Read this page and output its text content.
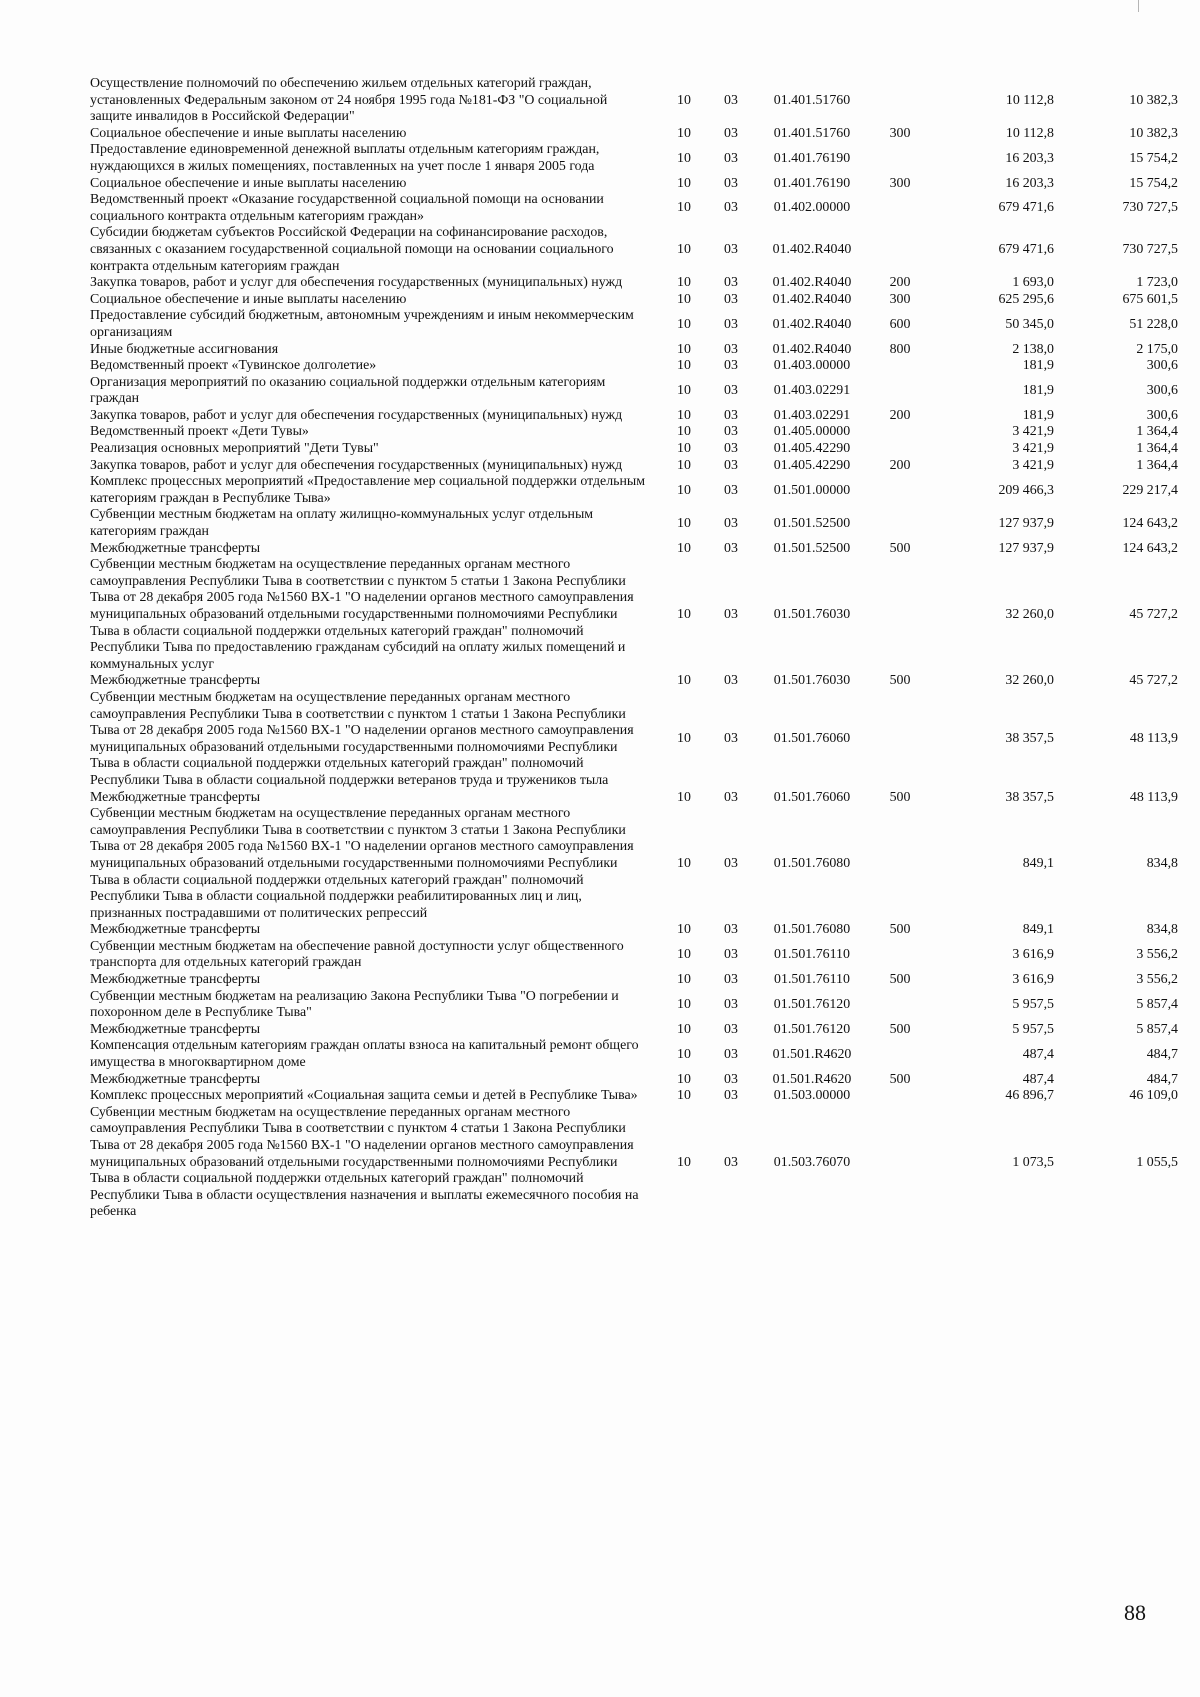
Осуществление полномочий по обеспечению жильем отдельных категорий граждан, установленных Федеральным законом от 24 ноября 1995 года №181-ФЗ "О социальной защите инвалидов в Российской Федерации"	10	03	01.401.51760		10 112,8	10 382,3
Социальное обеспечение и иные выплаты населению	10	03	01.401.51760	300	10 112,8	10 382,3
Предоставление единовременной денежной выплаты отдельным категориям граждан, нуждающихся в жилых помещениях, поставленных на учет после 1 января 2005 года	10	03	01.401.76190		16 203,3	15 754,2
Социальное обеспечение и иные выплаты населению	10	03	01.401.76190	300	16 203,3	15 754,2
Ведомственный проект «Оказание государственной социальной помощи на основании социального контракта отдельным категориям граждан»	10	03	01.402.00000		679 471,6	730 727,5
Субсидии бюджетам субъектов Российской Федерации на софинансирование расходов, связанных с оказанием государственной социальной помощи на основании социального контракта отдельным категориям граждан	10	03	01.402.R4040		679 471,6	730 727,5
Закупка товаров, работ и услуг для обеспечения государственных (муниципальных) нужд	10	03	01.402.R4040	200	1 693,0	1 723,0
Социальное обеспечение и иные выплаты населению	10	03	01.402.R4040	300	625 295,6	675 601,5
Предоставление субсидий бюджетным, автономным учреждениям и иным некоммерческим организациям	10	03	01.402.R4040	600	50 345,0	51 228,0
Иные бюджетные ассигнования	10	03	01.402.R4040	800	2 138,0	2 175,0
Ведомственный проект «Тувинское долголетие»	10	03	01.403.00000		181,9	300,6
Организация мероприятий по оказанию социальной поддержки отдельным категориям граждан	10	03	01.403.02291		181,9	300,6
Закупка товаров, работ и услуг для обеспечения государственных (муниципальных) нужд	10	03	01.403.02291	200	181,9	300,6
Ведомственный проект «Дети Тувы»	10	03	01.405.00000		3 421,9	1 364,4
Реализация основных мероприятий "Дети Тувы"	10	03	01.405.42290		3 421,9	1 364,4
Закупка товаров, работ и услуг для обеспечения государственных (муниципальных) нужд	10	03	01.405.42290	200	3 421,9	1 364,4
Комплекс процессных мероприятий «Предоставление мер социальной поддержки отдельным категориям граждан в Республике Тыва»	10	03	01.501.00000		209 466,3	229 217,4
Субвенции местным бюджетам на оплату жилищно-коммунальных услуг отдельным категориям граждан	10	03	01.501.52500		127 937,9	124 643,2
Межбюджетные трансферты	10	03	01.501.52500	500	127 937,9	124 643,2
Субвенции местным бюджетам на осуществление переданных органам местного самоуправления Республики Тыва в соответствии с пунктом 5 статьи 1 Закона Республики Тыва от 28 декабря 2005 года №1560 ВХ-1 "О наделении органов местного самоуправления муниципальных образований отдельными государственными полномочиями Республики Тыва в области социальной поддержки отдельных категорий граждан" полномочий Республики Тыва по предоставлению гражданам субсидий на оплату жилых помещений и коммунальных услуг	10	03	01.501.76030		32 260,0	45 727,2
Межбюджетные трансферты	10	03	01.501.76030	500	32 260,0	45 727,2
Субвенции местным бюджетам на осуществление переданных органам местного самоуправления Республики Тыва в соответствии с пунктом 1 статьи 1 Закона Республики Тыва от 28 декабря 2005 года №1560 ВХ-1 "О наделении органов местного самоуправления муниципальных образований отдельными государственными полномочиями Республики Тыва в области социальной поддержки отдельных категорий граждан" полномочий Республики Тыва в области социальной поддержки ветеранов труда и тружеников тыла	10	03	01.501.76060		38 357,5	48 113,9
Межбюджетные трансферты	10	03	01.501.76060	500	38 357,5	48 113,9
Субвенции местным бюджетам на осуществление переданных органам местного самоуправления Республики Тыва в соответствии с пунктом 3 статьи 1 Закона Республики Тыва от 28 декабря 2005 года №1560 ВХ-1 "О наделении органов местного самоуправления муниципальных образований отдельными государственными полномочиями Республики Тыва в области социальной поддержки отдельных категорий граждан" полномочий Республики Тыва в области социальной поддержки реабилитированных лиц и лиц, признанных пострадавшими от политических репрессий	10	03	01.501.76080		849,1	834,8
Межбюджетные трансферты	10	03	01.501.76080	500	849,1	834,8
Субвенции местным бюджетам на обеспечение равной доступности услуг общественного транспорта для отдельных категорий граждан	10	03	01.501.76110		3 616,9	3 556,2
Межбюджетные трансферты	10	03	01.501.76110	500	3 616,9	3 556,2
Субвенции местным бюджетам на реализацию Закона Республики Тыва "О погребении и похоронном деле в Республике Тыва"	10	03	01.501.76120		5 957,5	5 857,4
Межбюджетные трансферты	10	03	01.501.76120	500	5 957,5	5 857,4
Компенсация отдельным категориям граждан оплаты взноса на капитальный ремонт общего имущества в многоквартирном доме	10	03	01.501.R4620		487,4	484,7
Межбюджетные трансферты	10	03	01.501.R4620	500	487,4	484,7
Комплекс процессных мероприятий «Социальная защита семьи и детей в Республике Тыва»	10	03	01.503.00000		46 896,7	46 109,0
Субвенции местным бюджетам на осуществление переданных органам местного самоуправления Республики Тыва в соответствии с пунктом 4 статьи 1 Закона Республики Тыва от 28 декабря 2005 года №1560 ВХ-1 "О наделении органов местного самоуправления муниципальных образований отдельными государственными полномочиями Республики Тыва в области социальной поддержки отдельных категорий граждан" полномочий Республики Тыва в области осуществления назначения и выплаты ежемесячного пособия на ребенка	10	03	01.503.76070		1 073,5	1 055,5
88
